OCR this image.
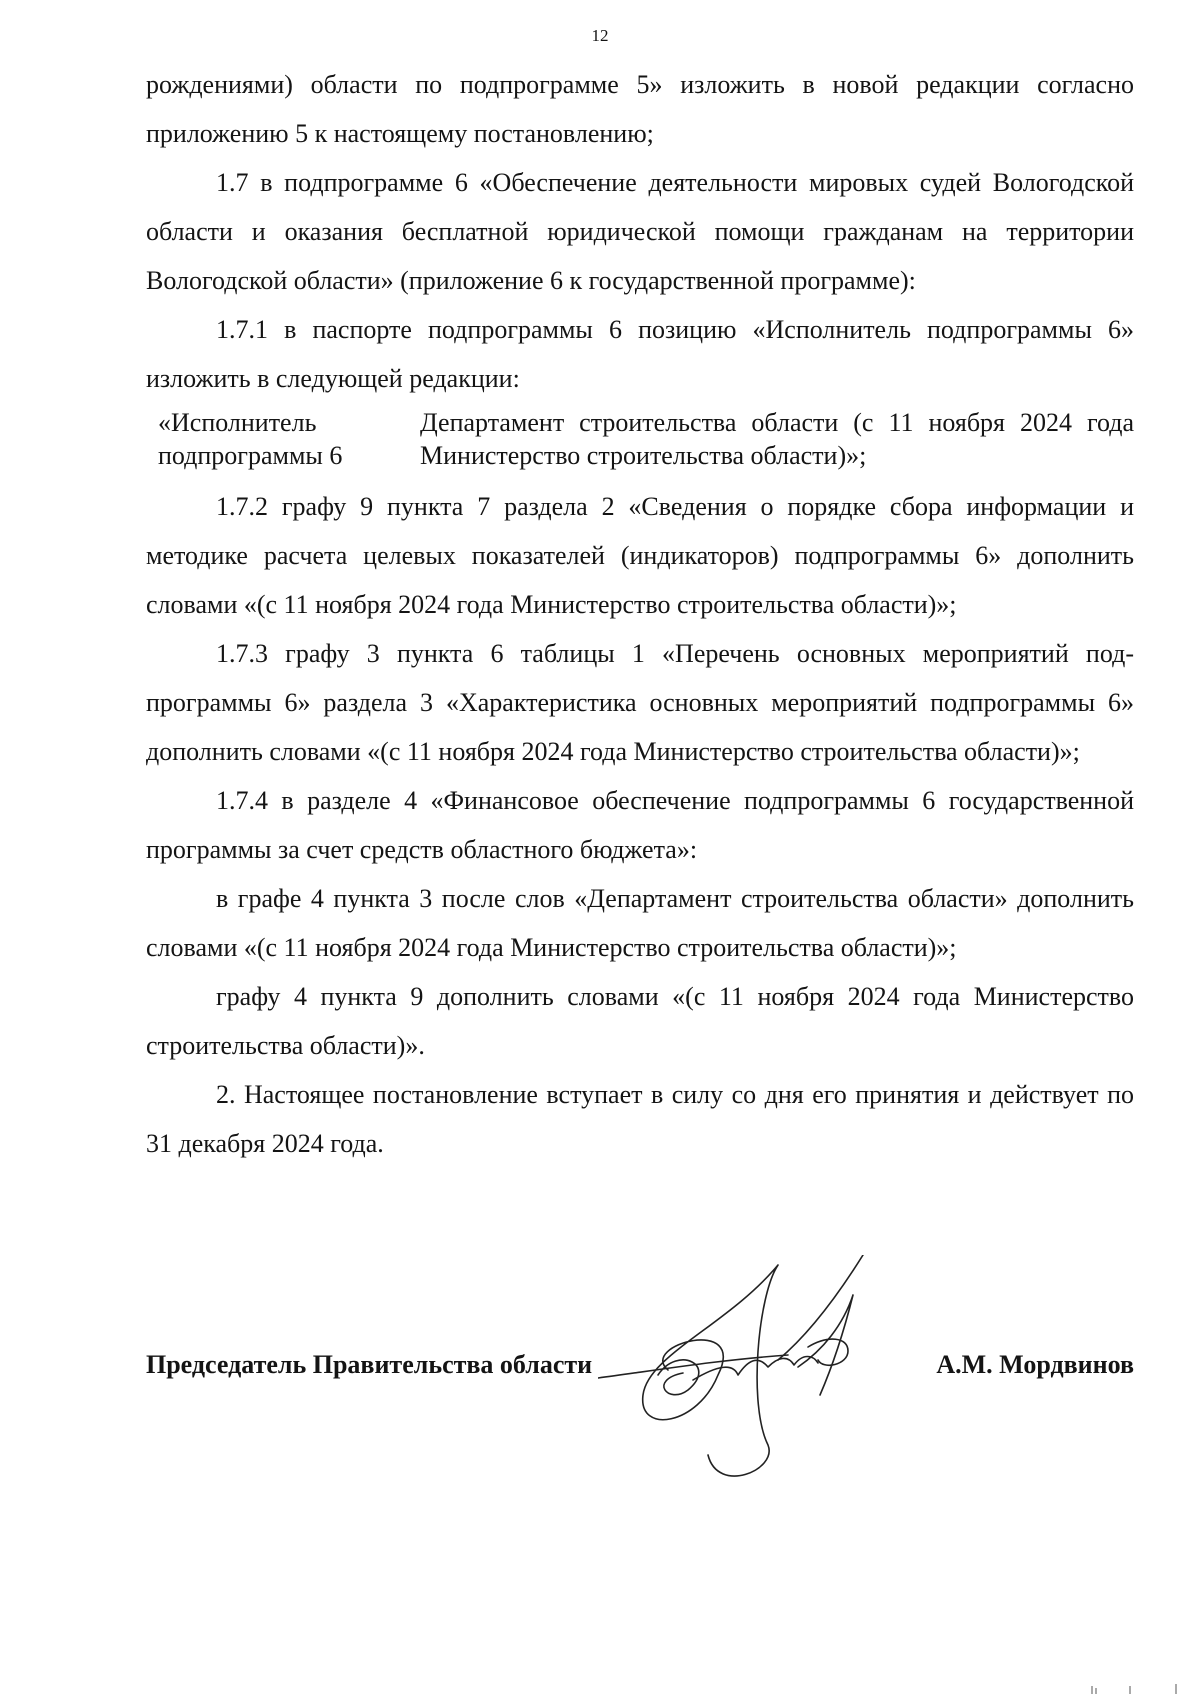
12

рождениями) области по подпрограмме 5» изложить в новой редакции согласно приложению 5 к настоящему постановлению;

1.7 в подпрограмме 6 «Обеспечение деятельности мировых судей Вологодской области и оказания бесплатной юридической помощи гражданам на территории Вологодской области» (приложение 6 к государственной программе):

1.7.1 в паспорте подпрограммы 6 позицию «Исполнитель подпрограммы 6» изложить в следующей редакции:

«Исполнитель
подпрограммы 6
Департамент строительства области (с 11 ноября 2024 года Министерство строительства области)»;

1.7.2 графу 9 пункта 7 раздела 2 «Сведения о порядке сбора информации и методике расчета целевых показателей (индикаторов) подпрограммы 6» дополнить словами «(с 11 ноября 2024 года Министерство строительства области)»;

1.7.3 графу 3 пункта 6 таблицы 1 «Перечень основных мероприятий подпрограммы 6» раздела 3 «Характеристика основных мероприятий подпрограммы 6» дополнить словами «(с 11 ноября 2024 года Министерство строительства области)»;

1.7.4 в разделе 4 «Финансовое обеспечение подпрограммы 6 государственной программы за счет средств областного бюджета»:

в графе 4 пункта 3 после слов «Департамент строительства области» дополнить словами «(с 11 ноября 2024 года Министерство строительства области)»;

графу 4 пункта 9 дополнить словами «(с 11 ноября 2024 года Министерство строительства области)».

2. Настоящее постановление вступает в силу со дня его принятия и действует по 31 декабря 2024 года.

Председатель Правительства области	А.М. Мордвинов
